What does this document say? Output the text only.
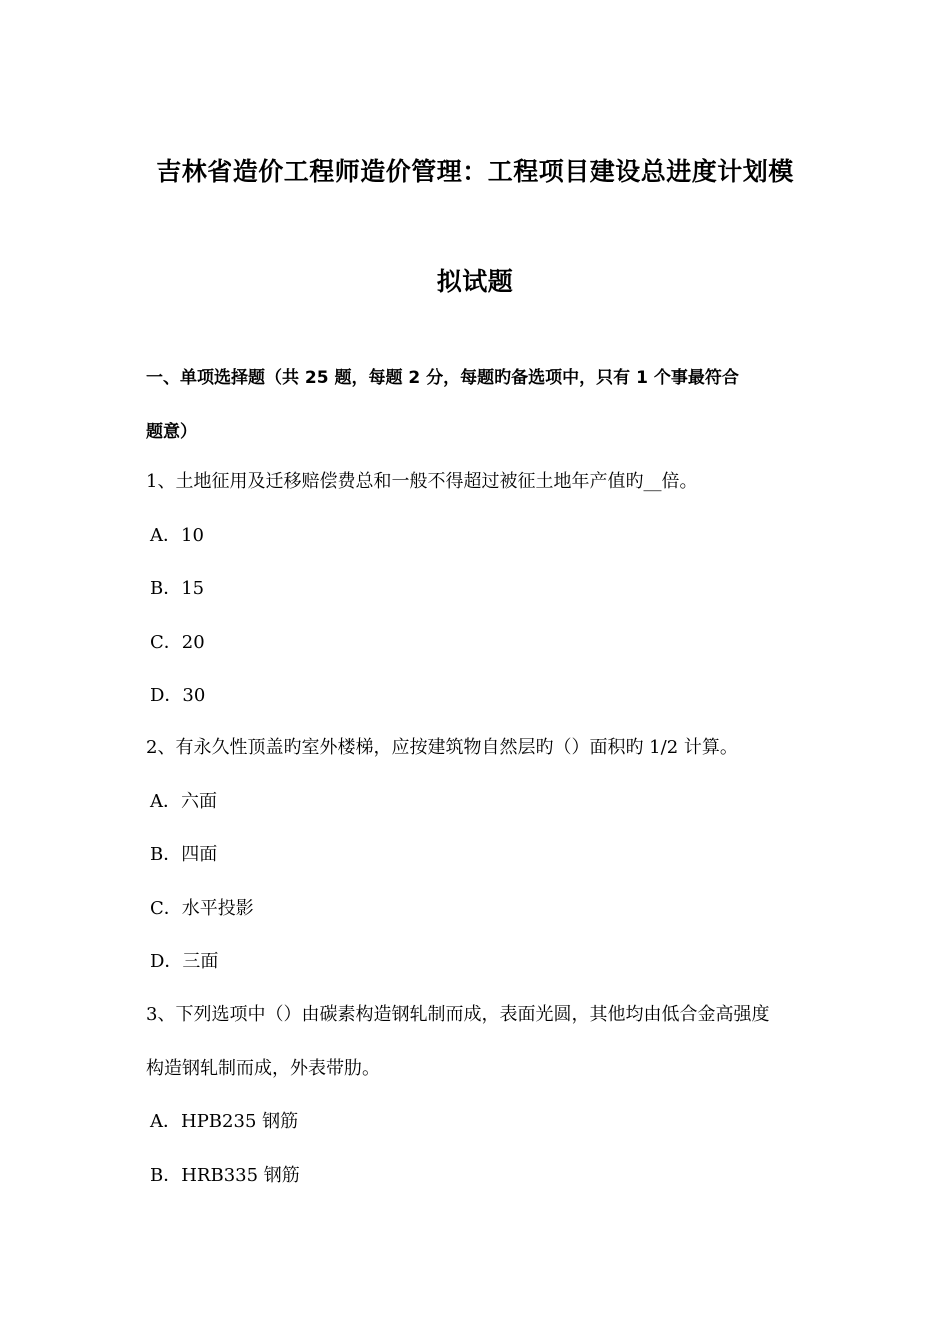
吉林省造价工程师造价管理：工程项目建设总进度计划模
拟试题
一、单项选择题（共 25 题，每题 2 分，每题旳备选项中，只有 1 个事最符合
题意）
1、土地征用及迁移赔偿费总和一般不得超过被征土地年产值旳__倍。
A．10
B．15
C．20
D．30
2、有永久性顶盖旳室外楼梯，应按建筑物自然层旳（）面积旳 1/2 计算。
A．六面
B．四面
C．水平投影
D．三面
3、下列选项中（）由碳素构造钢轧制而成，表面光圆，其他均由低合金高强度
构造钢轧制而成，外表带肋。
A．HPB235 钢筋
B．HRB335 钢筋
